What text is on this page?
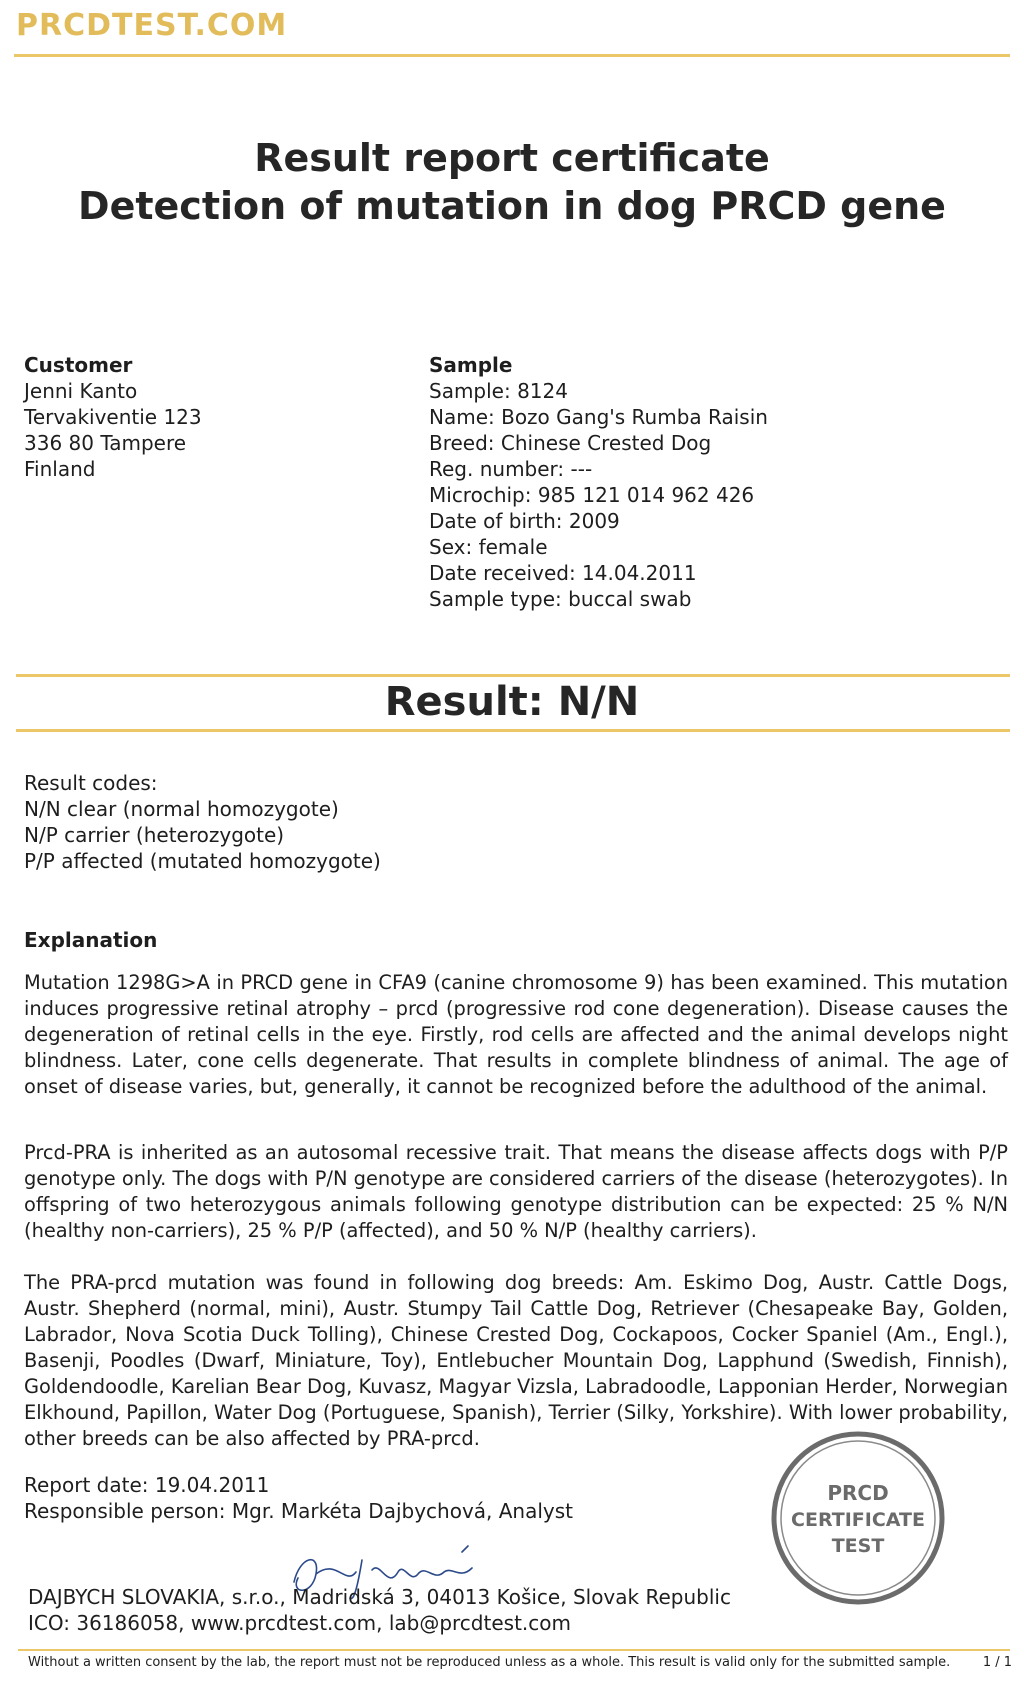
PRCDTEST.COM
Result report certificate
Detection of mutation in dog PRCD gene
Customer
Jenni Kanto
Tervakiventie 123
336 80 Tampere
Finland
Sample
Sample: 8124
Name: Bozo Gang's Rumba Raisin
Breed: Chinese Crested Dog
Reg. number: ---
Microchip: 985 121 014 962 426
Date of birth: 2009
Sex: female
Date received: 14.04.2011
Sample type: buccal swab
Result: N/N
Result codes:
N/N clear (normal homozygote)
N/P carrier (heterozygote)
P/P affected (mutated homozygote)
Explanation
Mutation 1298G>A in PRCD gene in CFA9 (canine chromosome 9) has been examined. This mutation induces progressive retinal atrophy – prcd (progressive rod cone degeneration). Disease causes the degeneration of retinal cells in the eye. Firstly, rod cells are affected and the animal develops night blindness. Later, cone cells degenerate. That results in complete blindness of animal. The age of onset of disease varies, but, generally, it cannot be recognized before the adulthood of the animal.
Prcd-PRA is inherited as an autosomal recessive trait. That means the disease affects dogs with P/P genotype only. The dogs with P/N genotype are considered carriers of the disease (heterozygotes). In offspring of two heterozygous animals following genotype distribution can be expected: 25 % N/N (healthy non-carriers), 25 % P/P (affected), and 50 % N/P (healthy carriers).
The PRA-prcd mutation was found in following dog breeds: Am. Eskimo Dog, Austr. Cattle Dogs, Austr. Shepherd (normal, mini), Austr. Stumpy Tail Cattle Dog, Retriever (Chesapeake Bay, Golden, Labrador, Nova Scotia Duck Tolling), Chinese Crested Dog, Cockapoos, Cocker Spaniel (Am., Engl.), Basenji, Poodles (Dwarf, Miniature, Toy), Entlebucher Mountain Dog, Lapphund (Swedish, Finnish), Goldendoodle, Karelian Bear Dog, Kuvasz, Magyar Vizsla, Labradoodle, Lapponian Herder, Norwegian Elkhound, Papillon, Water Dog (Portuguese, Spanish), Terrier (Silky, Yorkshire). With lower probability, other breeds can be also affected by PRA-prcd.
Report date: 19.04.2011
Responsible person: Mgr. Markéta Dajbychová, Analyst
PRCD
CERTIFICATE
TEST
DAJBYCH SLOVAKIA, s.r.o., Madridská 3, 04013 Košice, Slovak Republic
ICO: 36186058, www.prcdtest.com, lab@prcdtest.com
Without a written consent by the lab, the report must not be reproduced unless as a whole. This result is valid only for the submitted sample.	1 / 1
